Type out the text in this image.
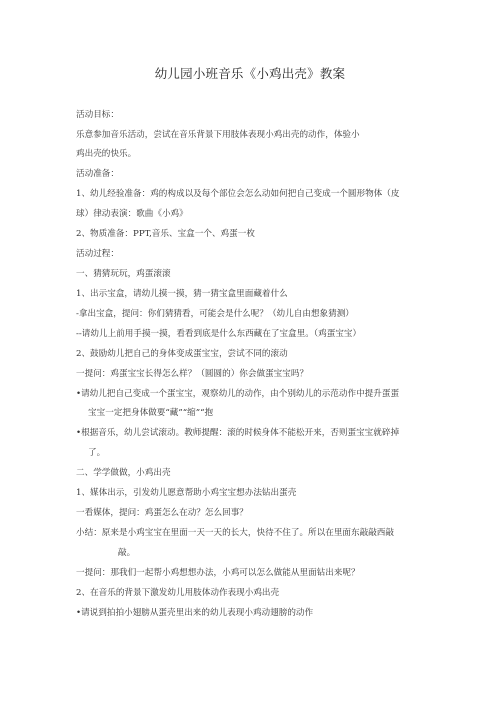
幼儿园小班音乐《小鸡出壳》教案
活动目标：
乐意参加音乐活动，尝试在音乐背景下用肢体表现小鸡出壳的动作，体验小
鸡出壳的快乐。
活动准备：
1、幼儿经验准备：鸡的构成以及每个部位会怎么动如何把自己变成一个圆形物体（皮
球）律动表演：歌曲《小鸡》
2、物质准备：PPT,音乐、宝盒一个、鸡蛋一枚
活动过程：
一、猜猜玩玩，鸡蛋滚滚
1、出示宝盒，请幼儿摸一摸，猜一猜宝盒里面藏着什么
-拿出宝盒，提问：你们猜猜看，可能会是什么呢？（幼儿自由想象猜测）
--请幼儿上前用手摸一摸，看看到底是什么东西藏在了宝盒里。（鸡蛋宝宝）
2、鼓励幼儿把自己的身体变成蛋宝宝，尝试不同的滚动
一提问：鸡蛋宝宝长得怎么样？（圆圆的）你会做蛋宝宝吗？
•请幼儿把自己变成一个蛋宝宝，观察幼儿的动作，由个别幼儿的示范动作中提升蛋蛋
宝宝一定把身体做要“藏”“缩”“抱
•根据音乐，幼儿尝试滚动。教师提醒：滚的时候身体不能松开来，否则蛋宝宝就碎掉
了。
二、学学做做，小鸡出壳
1、媒体出示，引发幼儿愿意帮助小鸡宝宝想办法钻出蛋壳
一看媒体，提问：鸡蛋怎么在动？怎么回事？
小结：原来是小鸡宝宝在里面一天一天的长大，快待不住了。所以在里面东敲敲西敲
敲。
一提问：那我们一起帮小鸡想想办法，小鸡可以怎么做能从里面钻出来呢？
2、在音乐的背景下激发幼儿用肢体动作表现小鸡出壳
•请说到拍拍小翅膀从蛋壳里出来的幼儿表现小鸡动翅膀的动作
